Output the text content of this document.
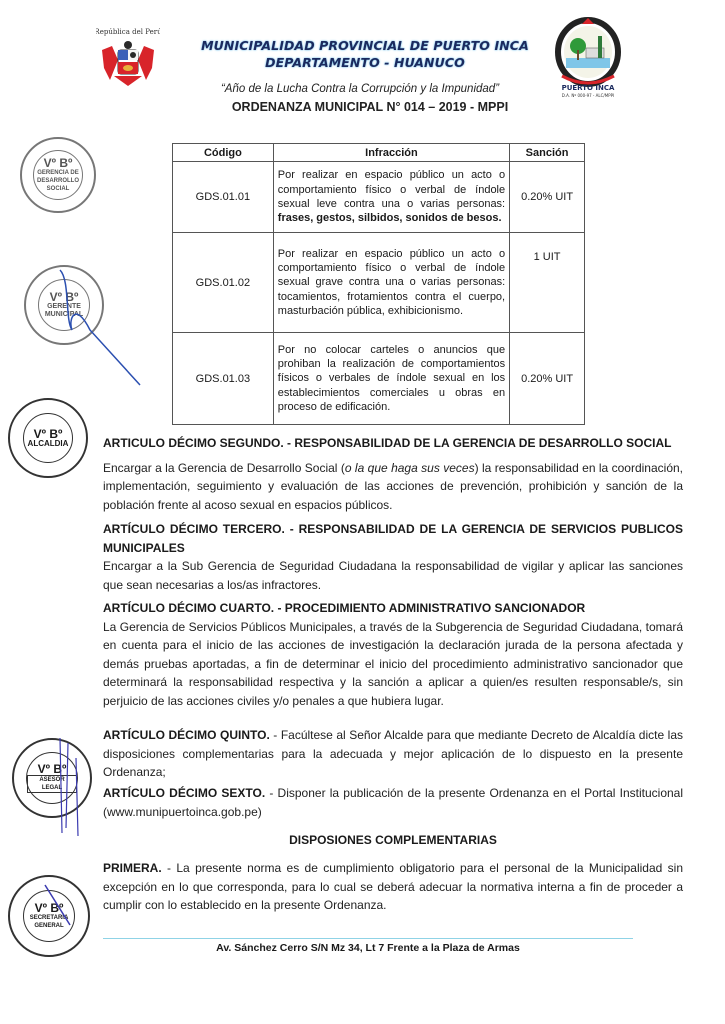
República del Perú
MUNICIPALIDAD PROVINCIAL DE PUERTO INCA
DEPARTAMENTO - HUANUCO
“Año de la Lucha Contra la Corrupción y la Impunidad”
ORDENANZA MUNICIPAL N° 014 – 2019 - MPPI
PUERTO INCA
D.A. Nº 000-97 - ALC/MPPI
Código	Infracción	Sanción
GDS.01.01	Por realizar en espacio público un acto o comportamiento físico o verbal de índole sexual leve contra una o varias personas: frases, gestos, silbidos, sonidos de besos.	0.20% UIT
GDS.01.02	Por realizar en espacio público un acto o comportamiento físico o verbal de índole sexual grave contra una o varias personas: tocamientos, frotamientos contra el cuerpo, masturbación pública, exhibicionismo.	1 UIT
GDS.01.03	Por no colocar carteles o anuncios que prohiban la realización de comportamientos físicos o verbales de índole sexual en los establecimientos comerciales u obras en proceso de edificación.	0.20% UIT
ARTICULO DÉCIMO SEGUNDO. - RESPONSABILIDAD DE LA GERENCIA DE DESARROLLO SOCIAL
Encargar a la Gerencia de Desarrollo Social (o la que haga sus veces) la responsabilidad en la coordinación, implementación, seguimiento y evaluación de las acciones de prevención, prohibición y sanción de la población frente al acoso sexual en espacios públicos.
ARTÍCULO DÉCIMO TERCERO. - RESPONSABILIDAD DE LA GERENCIA DE SERVICIOS PUBLICOS MUNICIPALES
Encargar a la Sub Gerencia de Seguridad Ciudadana la responsabilidad de vigilar y aplicar las sanciones que sean necesarias a los/as infractores.
ARTÍCULO DÉCIMO CUARTO. - PROCEDIMIENTO ADMINISTRATIVO SANCIONADOR
La Gerencia de Servicios Públicos Municipales, a través de la Subgerencia de Seguridad Ciudadana, tomará en cuenta para el inicio de las acciones de investigación la declaración jurada de la persona afectada y demás pruebas aportadas, a fin de determinar el inicio del procedimiento administrativo sancionador que determinará la responsabilidad respectiva y la sanción a aplicar a quien/es resulten responsable/s, sin perjuicio de las acciones civiles y/o penales a que hubiera lugar.
ARTÍCULO DÉCIMO QUINTO. - Facúltese al Señor Alcalde para que mediante Decreto de Alcaldía dicte las disposiciones complementarias para la adecuada y mejor aplicación de lo dispuesto en la presente Ordenanza;
ARTÍCULO DÉCIMO SEXTO. - Disponer la publicación de la presente Ordenanza en el Portal Institucional (www.munipuertoinca.gob.pe)
DISPOSIONES COMPLEMENTARIAS
PRIMERA. - La presente norma es de cumplimiento obligatorio para el personal de la Municipalidad sin excepción en lo que corresponda, para lo cual se deberá adecuar la normativa interna a fin de proceder a cumplir con lo establecido en la presente Ordenanza.
Av. Sánchez Cerro S/N Mz 34, Lt 7 Frente a la Plaza de Armas
Vº Bº
GERENCIA DE DESARROLLO SOCIAL
Vº Bº
GERENTE MUNICIPAL
Vº Bº
ALCALDIA
Vº Bº
ASESOR LEGAL
Vº Bº
SECRETARIA GENERAL
